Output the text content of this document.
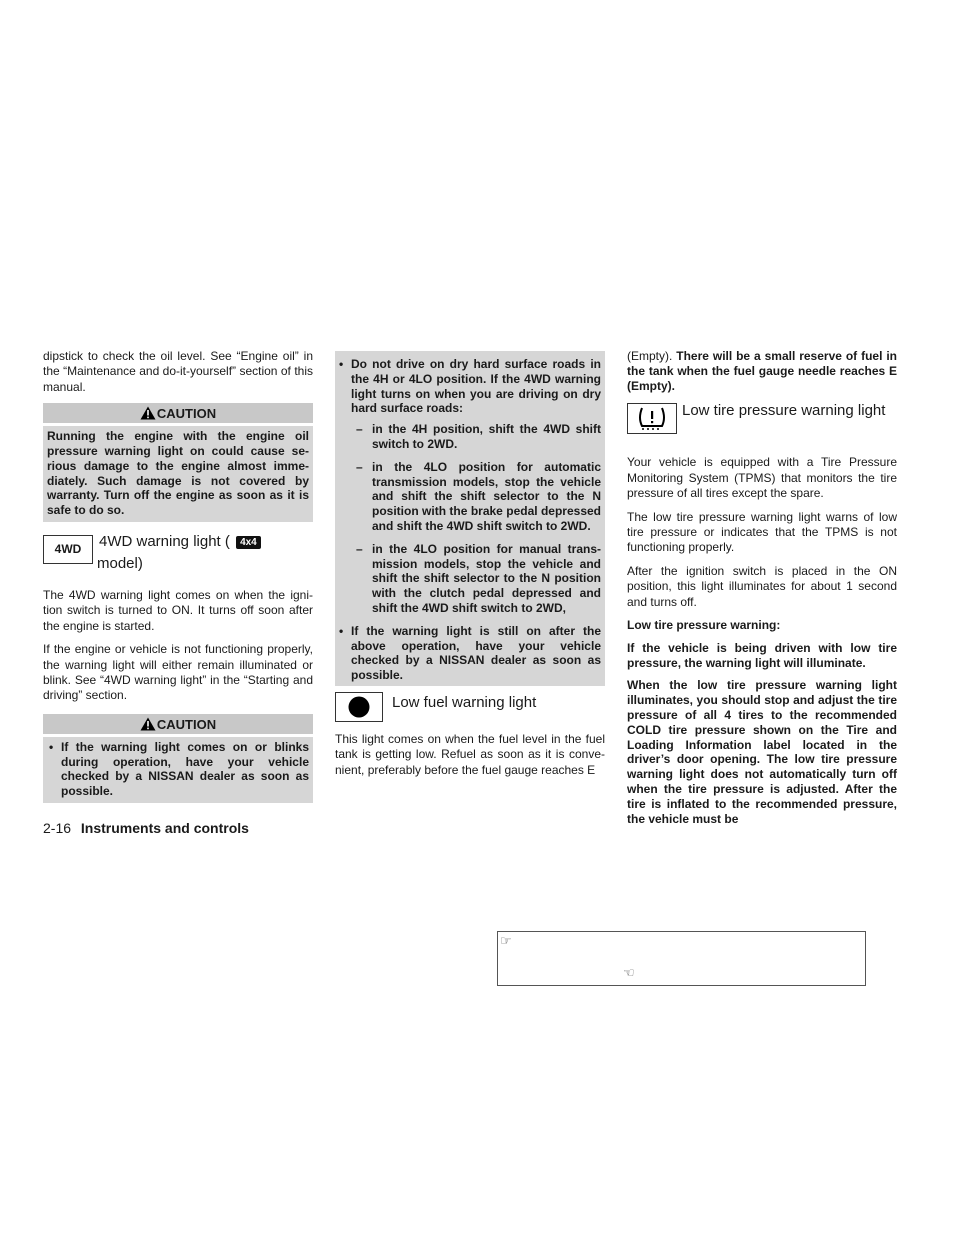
dipstick to check the oil level. See “Engine oil” in the “Maintenance and do-it-yourself” section of this manual.

CAUTION
Running the engine with the engine oil pressure warning light on could cause serious damage to the engine almost immediately. Such damage is not covered by warranty. Turn off the engine as soon as it is safe to do so.
4WD	4WD warning light ( 4x4
model)

The 4WD warning light comes on when the ignition switch is turned to ON. It turns off soon after the engine is started.

If the engine or vehicle is not functioning properly, the warning light will either remain illuminated or blink. See “4WD warning light” in the “Starting and driving” section.

CAUTION
• If the warning light comes on or blinks during operation, have your vehicle checked by a NISSAN dealer as soon as possible.
• Do not drive on dry hard surface roads in the 4H or 4LO position. If the 4WD warning light turns on when you are driving on dry hard surface roads:
– in the 4H position, shift the 4WD shift switch to 2WD.
– in the 4LO position for automatic transmission models, stop the vehicle and shift the shift selector to the N position with the brake pedal depressed and shift the 4WD shift switch to 2WD.
– in the 4LO position for manual transmission models, stop the vehicle and shift the shift selector to the N position with the clutch pedal depressed and shift the 4WD shift switch to 2WD,
• If the warning light is still on after the above operation, have your vehicle checked by a NISSAN dealer as soon as possible.
Low fuel warning light

This light comes on when the fuel level in the fuel tank is getting low. Refuel as soon as it is convenient, preferably before the fuel gauge reaches E

(Empty). There will be a small reserve of fuel in the tank when the fuel gauge needle reaches E (Empty).

Low tire pressure warning light

Your vehicle is equipped with a Tire Pressure Monitoring System (TPMS) that monitors the tire pressure of all tires except the spare.

The low tire pressure warning light warns of low tire pressure or indicates that the TPMS is not functioning properly.

After the ignition switch is placed in the ON position, this light illuminates for about 1 second and turns off.

Low tire pressure warning:

If the vehicle is being driven with low tire pressure, the warning light will illuminate.

When the low tire pressure warning light illuminates, you should stop and adjust the tire pressure of all 4 tires to the recommended COLD tire pressure shown on the Tire and Loading Information label located in the driver’s door opening. The low tire pressure warning light does not automatically turn off when the tire pressure is adjusted. After the tire is inflated to the recommended pressure, the vehicle must be

2-16 Instruments and controls
☞
☜
